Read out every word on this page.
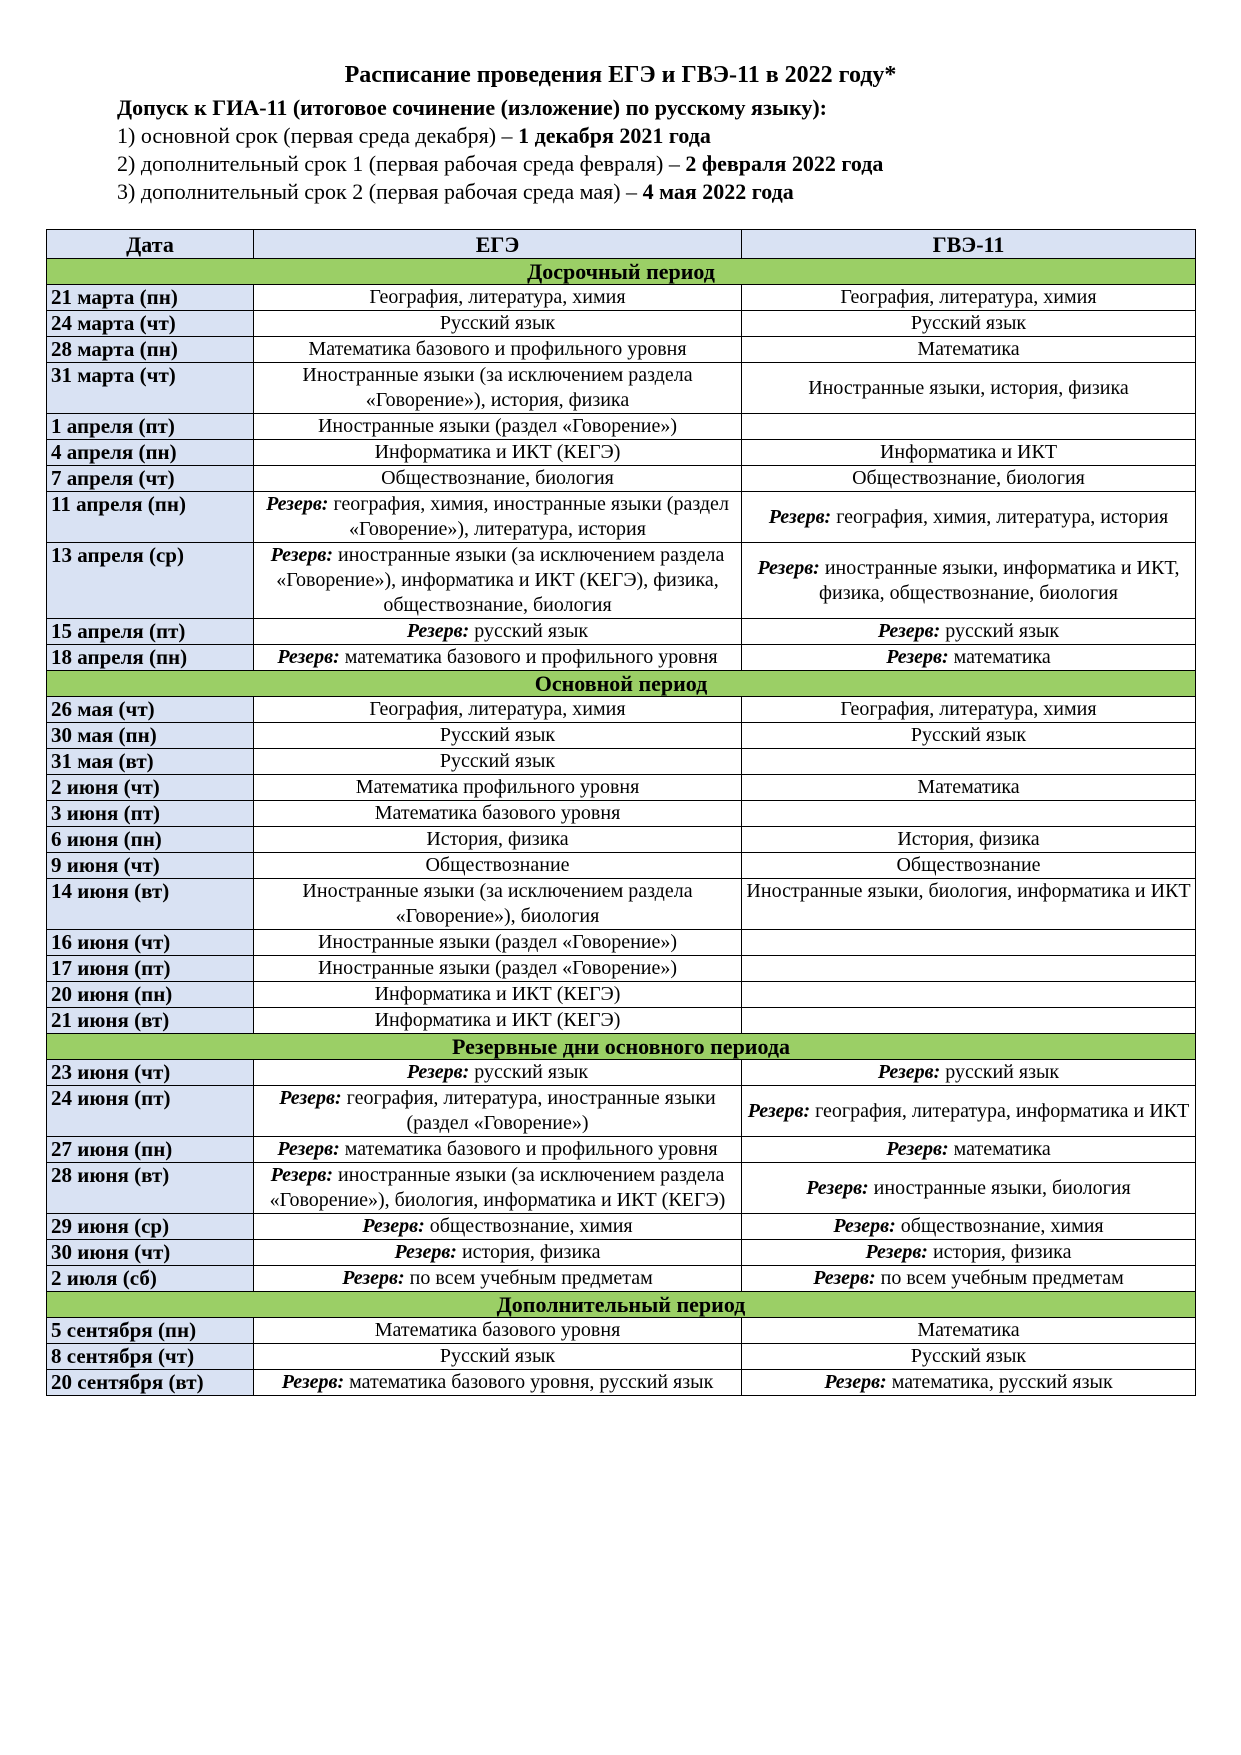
Расписание проведения ЕГЭ и ГВЭ-11 в 2022 году*
Допуск к ГИА-11 (итоговое сочинение (изложение) по русскому языку):
1) основной срок (первая среда декабря) – 1 декабря 2021 года
2) дополнительный срок 1 (первая рабочая среда февраля) – 2 февраля 2022 года
3) дополнительный срок 2 (первая рабочая среда мая) – 4 мая 2022 года
Дата	ЕГЭ	ГВЭ-11
Досрочный период		
21 марта (пн)	География, литература, химия	География, литература, химия
24 марта (чт)	Русский язык	Русский язык
28 марта (пн)	Математика базового и профильного уровня	Математика
31 марта (чт)	Иностранные языки (за исключением раздела «Говорение»), история, физика	Иностранные языки, история, физика
1 апреля (пт)	Иностранные языки (раздел «Говорение»)	
4 апреля (пн)	Информатика и ИКТ (КЕГЭ)	Информатика и ИКТ
7 апреля (чт)	Обществознание, биология	Обществознание, биология
11 апреля (пн)	Резерв: география, химия, иностранные языки (раздел «Говорение»), литература, история	Резерв: география, химия, литература, история
13 апреля (ср)	Резерв: иностранные языки (за исключением раздела «Говорение»), информатика и ИКТ (КЕГЭ), физика, обществознание, биология	Резерв: иностранные языки, информатика и ИКТ, физика, обществознание, биология
15 апреля (пт)	Резерв: русский язык	Резерв: русский язык
18 апреля (пн)	Резерв: математика базового и профильного уровня	Резерв: математика
Основной период		
26 мая (чт)	География, литература, химия	География, литература, химия
30 мая (пн)	Русский язык	Русский язык
31 мая (вт)	Русский язык	
2 июня (чт)	Математика профильного уровня	Математика
3 июня (пт)	Математика базового уровня	
6 июня (пн)	История, физика	История, физика
9 июня (чт)	Обществознание	Обществознание
14 июня (вт)	Иностранные языки (за исключением раздела «Говорение»), биология	Иностранные языки, биология, информатика и ИКТ
16 июня (чт)	Иностранные языки (раздел «Говорение»)	
17 июня (пт)	Иностранные языки (раздел «Говорение»)	
20 июня (пн)	Информатика и ИКТ (КЕГЭ)	
21 июня (вт)	Информатика и ИКТ (КЕГЭ)	
Резервные дни основного периода		
23 июня (чт)	Резерв: русский язык	Резерв: русский язык
24 июня (пт)	Резерв: география, литература, иностранные языки (раздел «Говорение»)	Резерв: география, литература, информатика и ИКТ
27 июня (пн)	Резерв: математика базового и профильного уровня	Резерв: математика
28 июня (вт)	Резерв: иностранные языки (за исключением раздела «Говорение»), биология, информатика и ИКТ (КЕГЭ)	Резерв: иностранные языки, биология
29 июня (ср)	Резерв: обществознание, химия	Резерв: обществознание, химия
30 июня (чт)	Резерв: история, физика	Резерв: история, физика
2 июля (сб)	Резерв: по всем учебным предметам	Резерв: по всем учебным предметам
Дополнительный период		
5 сентября (пн)	Математика базового уровня	Математика
8 сентября (чт)	Русский язык	Русский язык
20 сентября (вт)	Резерв: математика базового уровня, русский язык	Резерв: математика, русский язык
